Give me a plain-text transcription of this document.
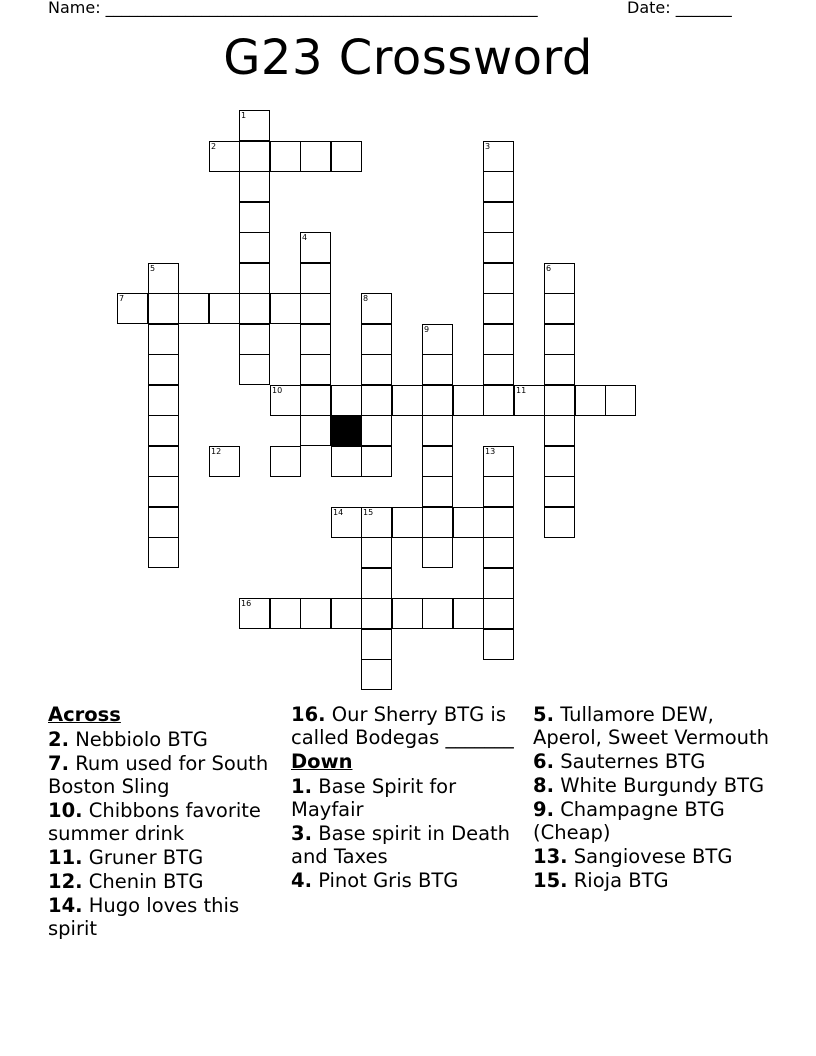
Name: ______________________________________________________	Date: _______
G23 Crossword
1
2	3
4
5	6
7	8
9
10	11
12	13
14 15
16
Across
2. Nebbiolo BTG
7. Rum used for South Boston Sling
10. Chibbons favorite summer drink
11. Gruner BTG
12. Chenin BTG
14. Hugo loves this spirit
16. Our Sherry BTG is called Bodegas _______
Down
1. Base Spirit for Mayfair
3. Base spirit in Death and Taxes
4. Pinot Gris BTG
5. Tullamore DEW, Aperol, Sweet Vermouth
6. Sauternes BTG
8. White Burgundy BTG
9. Champagne BTG (Cheap)
13. Sangiovese BTG
15. Rioja BTG
